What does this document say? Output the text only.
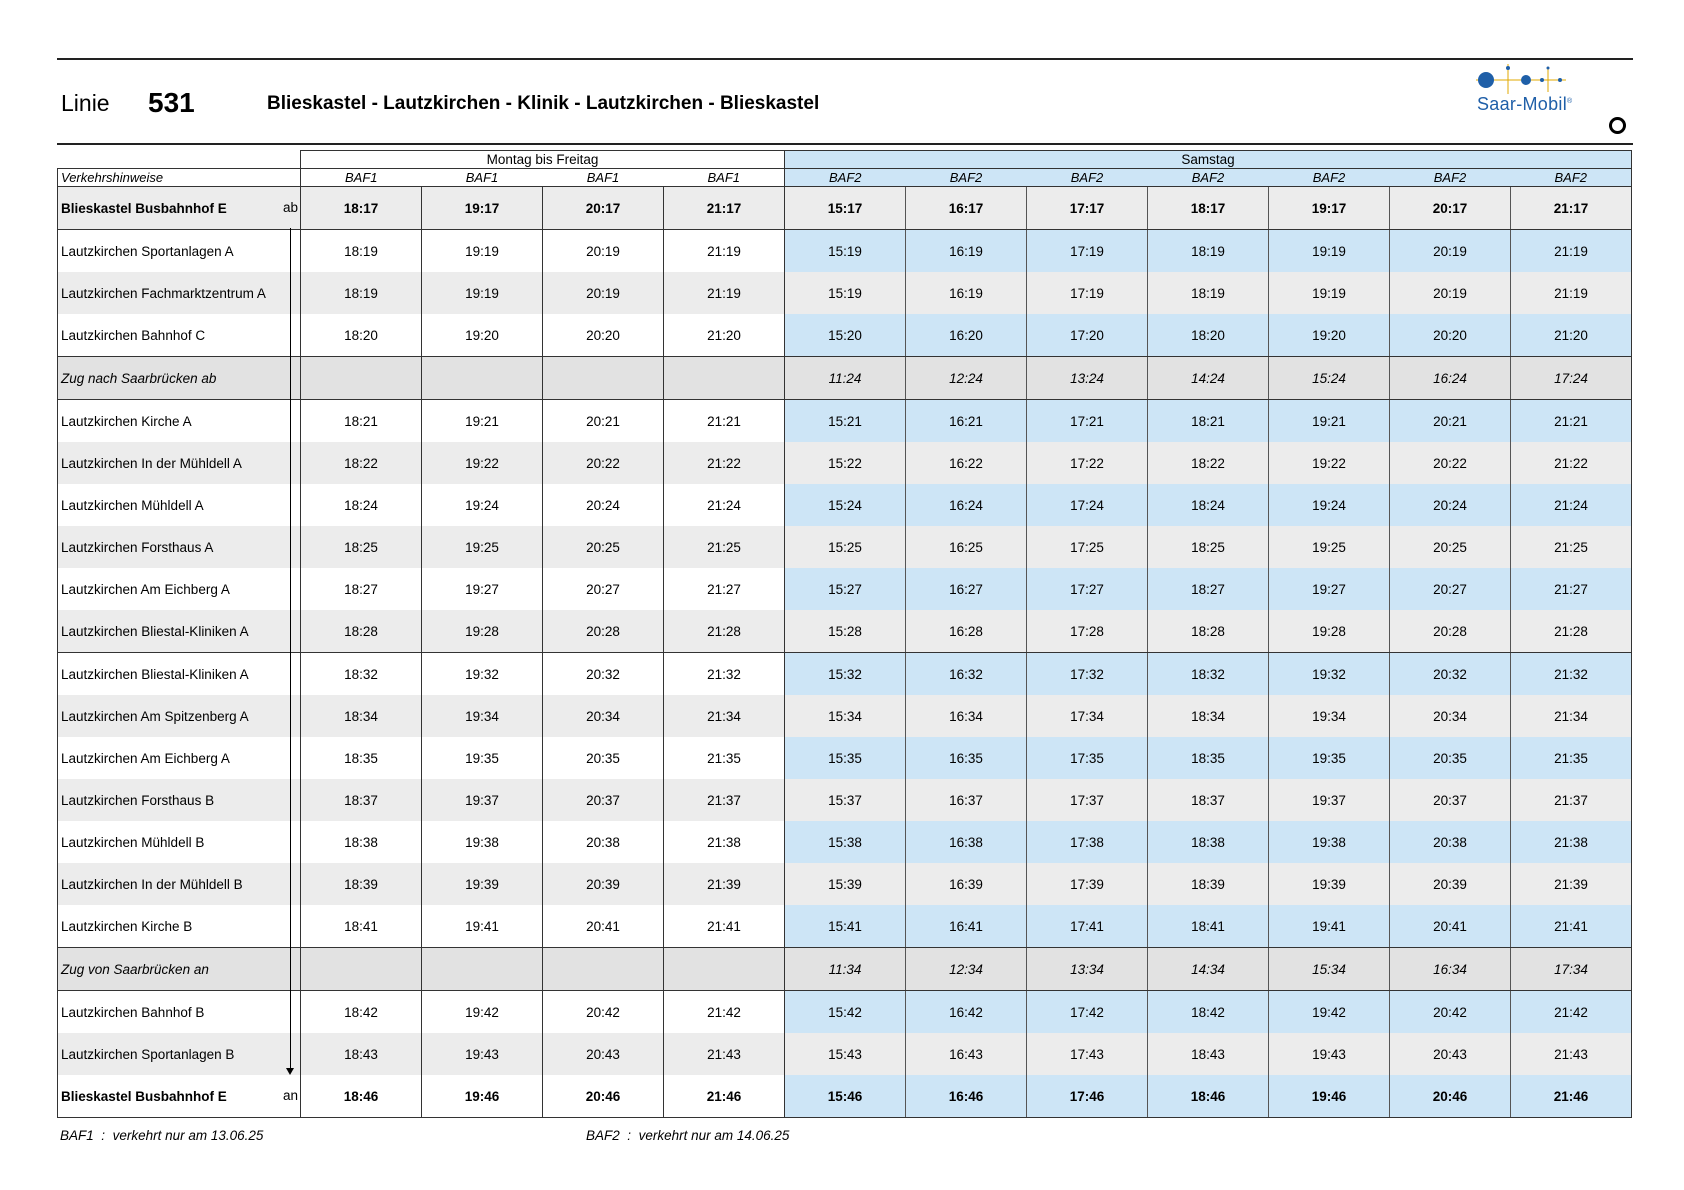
Linie 531	Blieskastel - Lautzkirchen - Klinik - Lautzkirchen - Blieskastel	Saar-Mobil®
	Montag bis Freitag				Samstag						
Verkehrshinweise	BAF1	BAF1	BAF1	BAF1	BAF2	BAF2	BAF2	BAF2	BAF2	BAF2	BAF2
Blieskastel Busbahnhof E ab	18:17	19:17	20:17	21:17	15:17	16:17	17:17	18:17	19:17	20:17	21:17
Lautzkirchen Sportanlagen A	18:19	19:19	20:19	21:19	15:19	16:19	17:19	18:19	19:19	20:19	21:19
Lautzkirchen Fachmarktzentrum A	18:19	19:19	20:19	21:19	15:19	16:19	17:19	18:19	19:19	20:19	21:19
Lautzkirchen Bahnhof C	18:20	19:20	20:20	21:20	15:20	16:20	17:20	18:20	19:20	20:20	21:20
Zug nach Saarbrücken ab					11:24	12:24	13:24	14:24	15:24	16:24	17:24
Lautzkirchen Kirche A	18:21	19:21	20:21	21:21	15:21	16:21	17:21	18:21	19:21	20:21	21:21
Lautzkirchen In der Mühldell A	18:22	19:22	20:22	21:22	15:22	16:22	17:22	18:22	19:22	20:22	21:22
Lautzkirchen Mühldell A	18:24	19:24	20:24	21:24	15:24	16:24	17:24	18:24	19:24	20:24	21:24
Lautzkirchen Forsthaus A	18:25	19:25	20:25	21:25	15:25	16:25	17:25	18:25	19:25	20:25	21:25
Lautzkirchen Am Eichberg A	18:27	19:27	20:27	21:27	15:27	16:27	17:27	18:27	19:27	20:27	21:27
Lautzkirchen Bliestal-Kliniken A	18:28	19:28	20:28	21:28	15:28	16:28	17:28	18:28	19:28	20:28	21:28
Lautzkirchen Bliestal-Kliniken A	18:32	19:32	20:32	21:32	15:32	16:32	17:32	18:32	19:32	20:32	21:32
Lautzkirchen Am Spitzenberg A	18:34	19:34	20:34	21:34	15:34	16:34	17:34	18:34	19:34	20:34	21:34
Lautzkirchen Am Eichberg A	18:35	19:35	20:35	21:35	15:35	16:35	17:35	18:35	19:35	20:35	21:35
Lautzkirchen Forsthaus B	18:37	19:37	20:37	21:37	15:37	16:37	17:37	18:37	19:37	20:37	21:37
Lautzkirchen Mühldell B	18:38	19:38	20:38	21:38	15:38	16:38	17:38	18:38	19:38	20:38	21:38
Lautzkirchen In der Mühldell B	18:39	19:39	20:39	21:39	15:39	16:39	17:39	18:39	19:39	20:39	21:39
Lautzkirchen Kirche B	18:41	19:41	20:41	21:41	15:41	16:41	17:41	18:41	19:41	20:41	21:41
Zug von Saarbrücken an					11:34	12:34	13:34	14:34	15:34	16:34	17:34
Lautzkirchen Bahnhof B	18:42	19:42	20:42	21:42	15:42	16:42	17:42	18:42	19:42	20:42	21:42
Lautzkirchen Sportanlagen B	18:43	19:43	20:43	21:43	15:43	16:43	17:43	18:43	19:43	20:43	21:43
Blieskastel Busbahnhof E an	18:46	19:46	20:46	21:46	15:46	16:46	17:46	18:46	19:46	20:46	21:46
BAF1 : verkehrt nur am 13.06.25	BAF2 : verkehrt nur am 14.06.25
